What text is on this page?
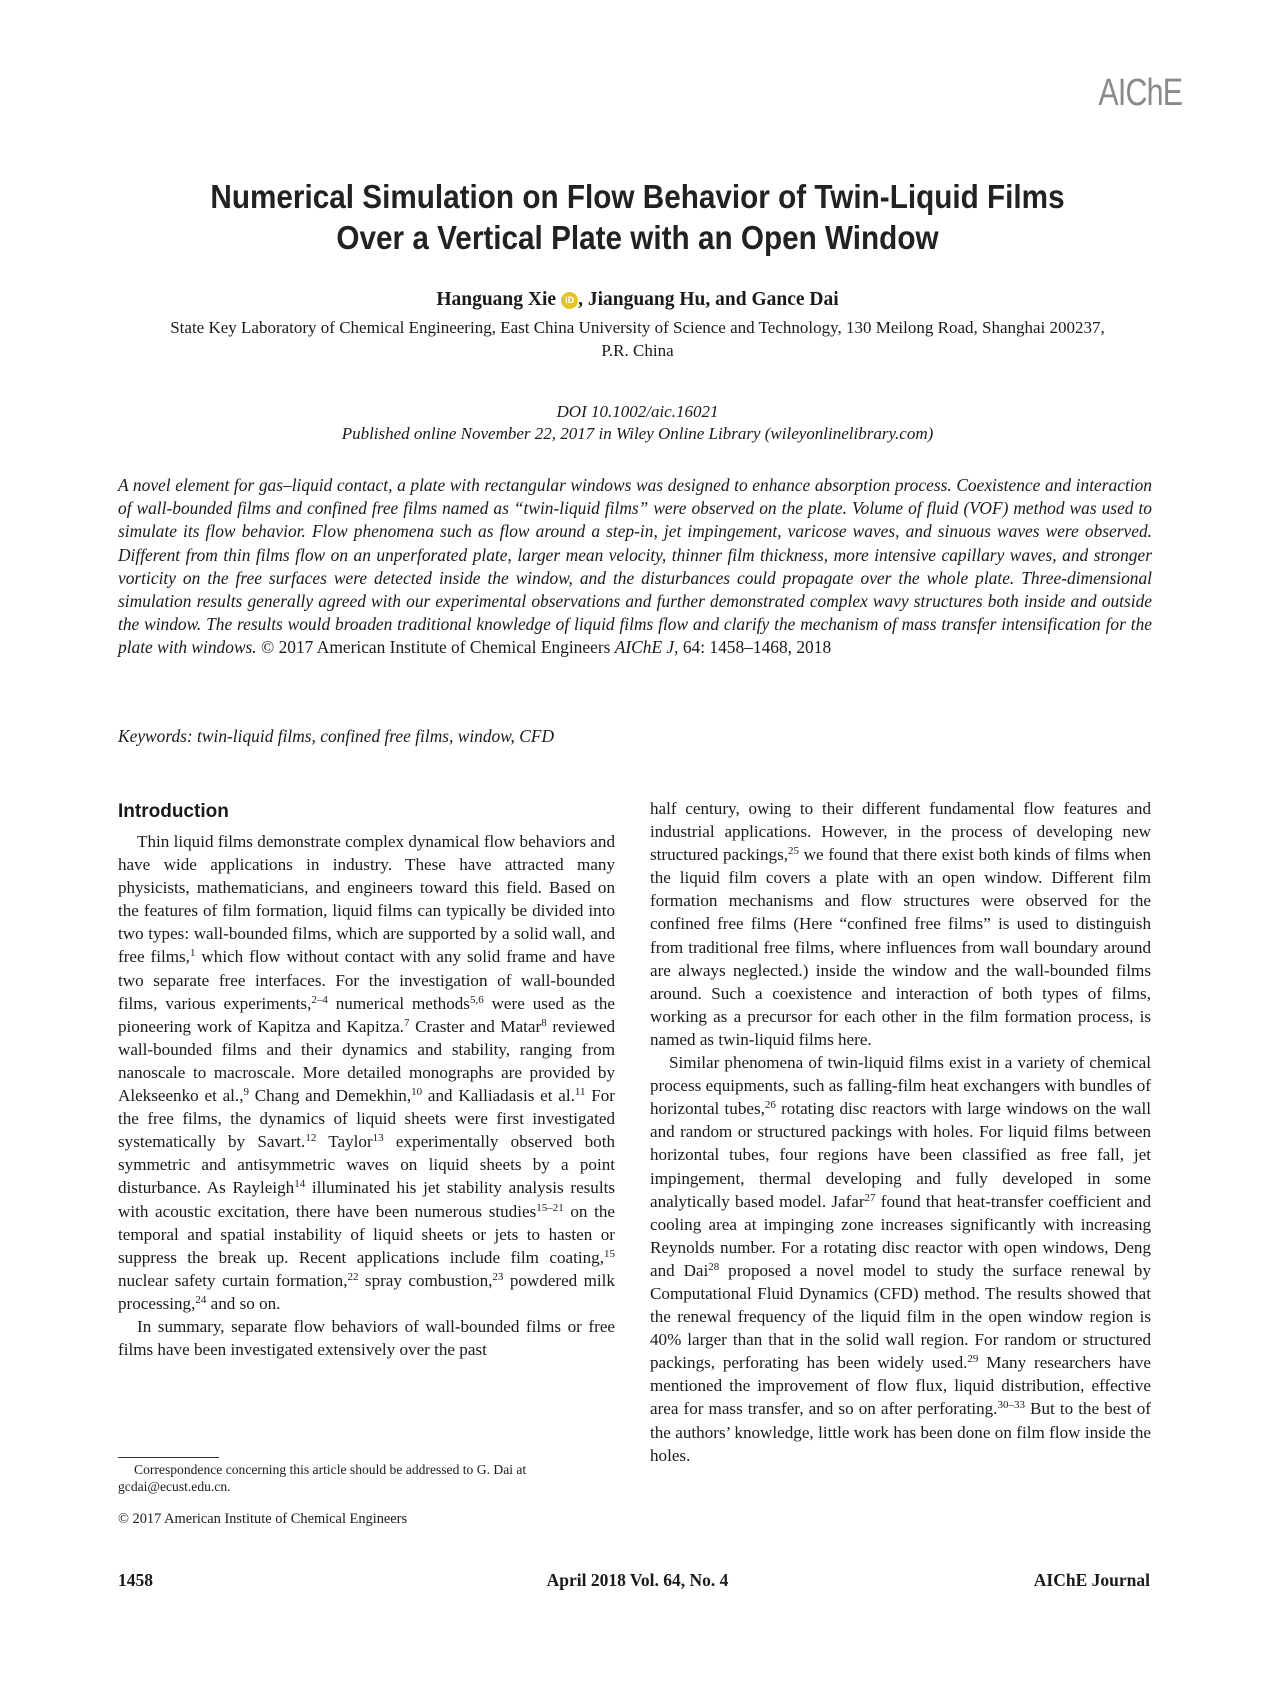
AIChE
Numerical Simulation on Flow Behavior of Twin-Liquid Films
Over a Vertical Plate with an Open Window
Hanguang Xie iD , Jianguang Hu, and Gance Dai
State Key Laboratory of Chemical Engineering, East China University of Science and Technology, 130 Meilong Road, Shanghai 200237, P.R. China
DOI 10.1002/aic.16021
Published online November 22, 2017 in Wiley Online Library (wileyonlinelibrary.com)
A novel element for gas–liquid contact, a plate with rectangular windows was designed to enhance absorption process. Coexistence and interaction of wall-bounded films and confined free films named as “twin-liquid films” were observed on the plate. Volume of fluid (VOF) method was used to simulate its flow behavior. Flow phenomena such as flow around a step-in, jet impingement, varicose waves, and sinuous waves were observed. Different from thin films flow on an unperforated plate, larger mean velocity, thinner film thickness, more intensive capillary waves, and stronger vorticity on the free surfaces were detected inside the window, and the disturbances could propagate over the whole plate. Three-dimensional simulation results generally agreed with our experimental observations and further demonstrated complex wavy structures both inside and outside the window. The results would broaden traditional knowledge of liquid films flow and clarify the mechanism of mass transfer intensification for the plate with windows. © 2017 American Institute of Chemical Engineers AIChE J, 64: 1458–1468, 2018
Keywords: twin-liquid films, confined free films, window, CFD
Introduction

Thin liquid films demonstrate complex dynamical flow behaviors and have wide applications in industry. These have attracted many physicists, mathematicians, and engineers toward this field. Based on the features of film formation, liquid films can typically be divided into two types: wall-bounded films, which are supported by a solid wall, and free films,$^1$ which flow without contact with any solid frame and have two separate free interfaces. For the investigation of wall-bounded films, various experiments,$^{2-4}$ numerical methods$^{5,6}$ were used as the pioneering work of Kapitza and Kapitza.$^7$ Craster and Matar$^8$ reviewed wall-bounded films and their dynamics and stability, ranging from nanoscale to macroscale. More detailed monographs are provided by Alekseenko et al.,$^9$ Chang and Demekhin,$^{10}$ and Kalliadasis et al.$^{11}$ For the free films, the dynamics of liquid sheets were first investigated systematically by Savart.$^{12}$ Taylor$^{13}$ experimentally observed both symmetric and antisymmetric waves on liquid sheets by a point disturbance. As Rayleigh$^{14}$ illuminated his jet stability analysis results with acoustic excitation, there have been numerous studies$^{15-21}$ on the temporal and spatial instability of liquid sheets or jets to hasten or suppress the break up. Recent applications include film coating,$^{15}$ nuclear safety curtain formation,$^{22}$ spray combustion,$^{23}$ powdered milk processing,$^{24}$ and so on.

In summary, separate flow behaviors of wall-bounded films or free films have been investigated extensively over the past

half century, owing to their different fundamental flow features and industrial applications. However, in the process of developing new structured packings,$^{25}$ we found that there exist both kinds of films when the liquid film covers a plate with an open window. Different film formation mechanisms and flow structures were observed for the confined free films (Here “confined free films” is used to distinguish from traditional free films, where influences from wall boundary around are always neglected.) inside the window and the wall-bounded films around. Such a coexistence and interaction of both types of films, working as a precursor for each other in the film formation process, is named as twin-liquid films here.

Similar phenomena of twin-liquid films exist in a variety of chemical process equipments, such as falling-film heat exchangers with bundles of horizontal tubes,$^{26}$ rotating disc reactors with large windows on the wall and random or structured packings with holes. For liquid films between horizontal tubes, four regions have been classified as free fall, jet impingement, thermal developing and fully developed in some analytically based model. Jafar$^{27}$ found that heat-transfer coefficient and cooling area at impinging zone increases significantly with increasing Reynolds number. For a rotating disc reactor with open windows, Deng and Dai$^{28}$ proposed a novel model to study the surface renewal by Computational Fluid Dynamics (CFD) method. The results showed that the renewal frequency of the liquid film in the open window region is 40% larger than that in the solid wall region. For random or structured packings, perforating has been widely used.$^{29}$ Many researchers have mentioned the improvement of flow flux, liquid distribution, effective area for mass transfer, and so on after perforating.$^{30-33}$ But to the best of the authors’ knowledge, little work has been done on film flow inside the holes.

Correspondence concerning this article should be addressed to G. Dai at gcdai@ecust.edu.cn.
© 2017 American Institute of Chemical Engineers
1458	April 2018 Vol. 64, No. 4	AIChE Journal
